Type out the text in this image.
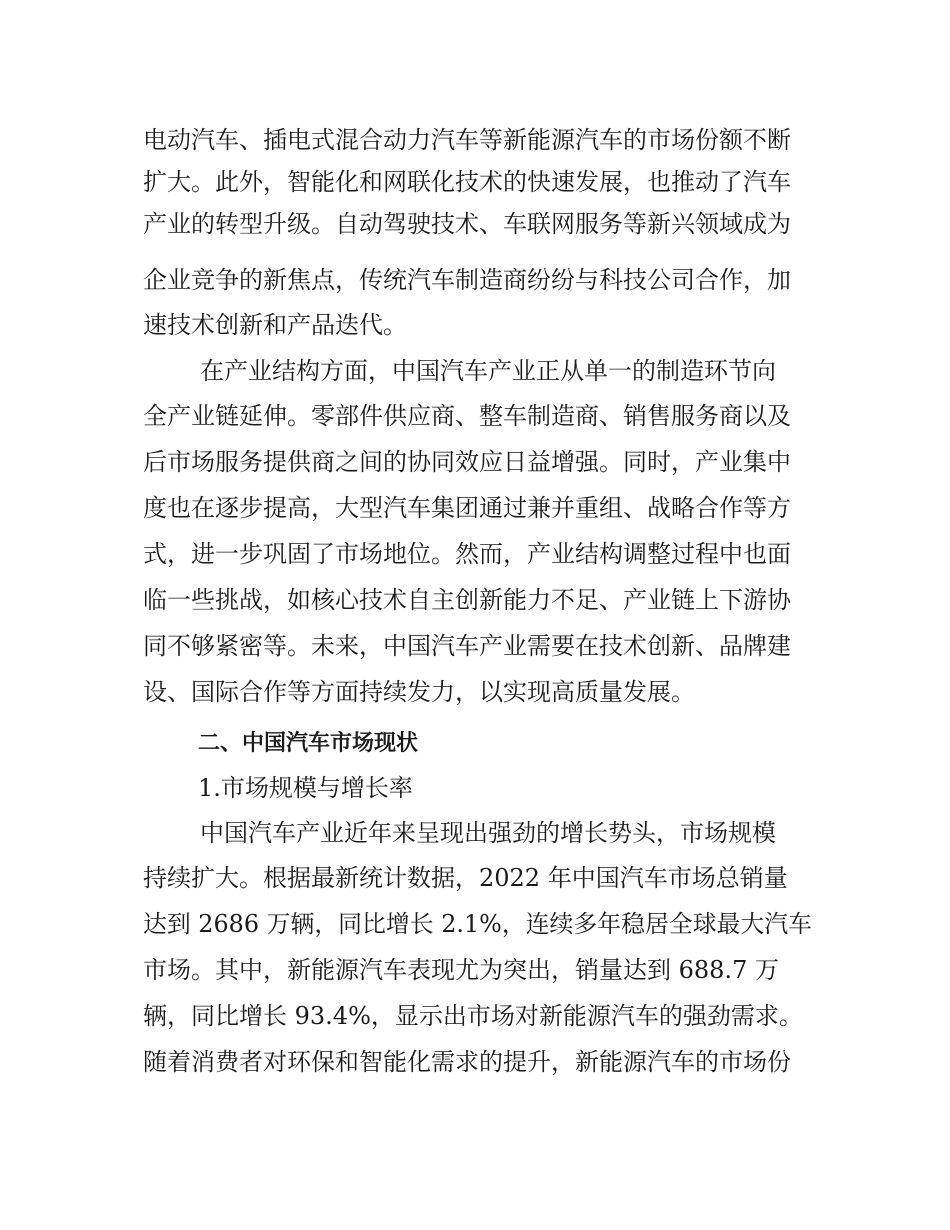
电动汽车、插电式混合动力汽车等新能源汽车的市场份额不断

扩大。此外，智能化和网联化技术的快速发展，也推动了汽车

产业的转型升级。自动驾驶技术、车联网服务等新兴领域成为

企业竞争的新焦点，传统汽车制造商纷纷与科技公司合作，加

速技术创新和产品迭代。

在产业结构方面，中国汽车产业正从单一的制造环节向

全产业链延伸。零部件供应商、整车制造商、销售服务商以及

后市场服务提供商之间的协同效应日益增强。同时，产业集中

度也在逐步提高，大型汽车集团通过兼并重组、战略合作等方

式，进一步巩固了市场地位。然而，产业结构调整过程中也面

临一些挑战，如核心技术自主创新能力不足、产业链上下游协

同不够紧密等。未来，中国汽车产业需要在技术创新、品牌建

设、国际合作等方面持续发力，以实现高质量发展。

二、中国汽车市场现状
1.市场规模与增长率

中国汽车产业近年来呈现出强劲的增长势头，市场规模

持续扩大。根据最新统计数据，2022 年中国汽车市场总销量

达到 2686 万辆，同比增长 2.1%，连续多年稳居全球最大汽车

市场。其中，新能源汽车表现尤为突出，销量达到 688.7 万

辆，同比增长 93.4%，显示出市场对新能源汽车的强劲需求。

随着消费者对环保和智能化需求的提升，新能源汽车的市场份
